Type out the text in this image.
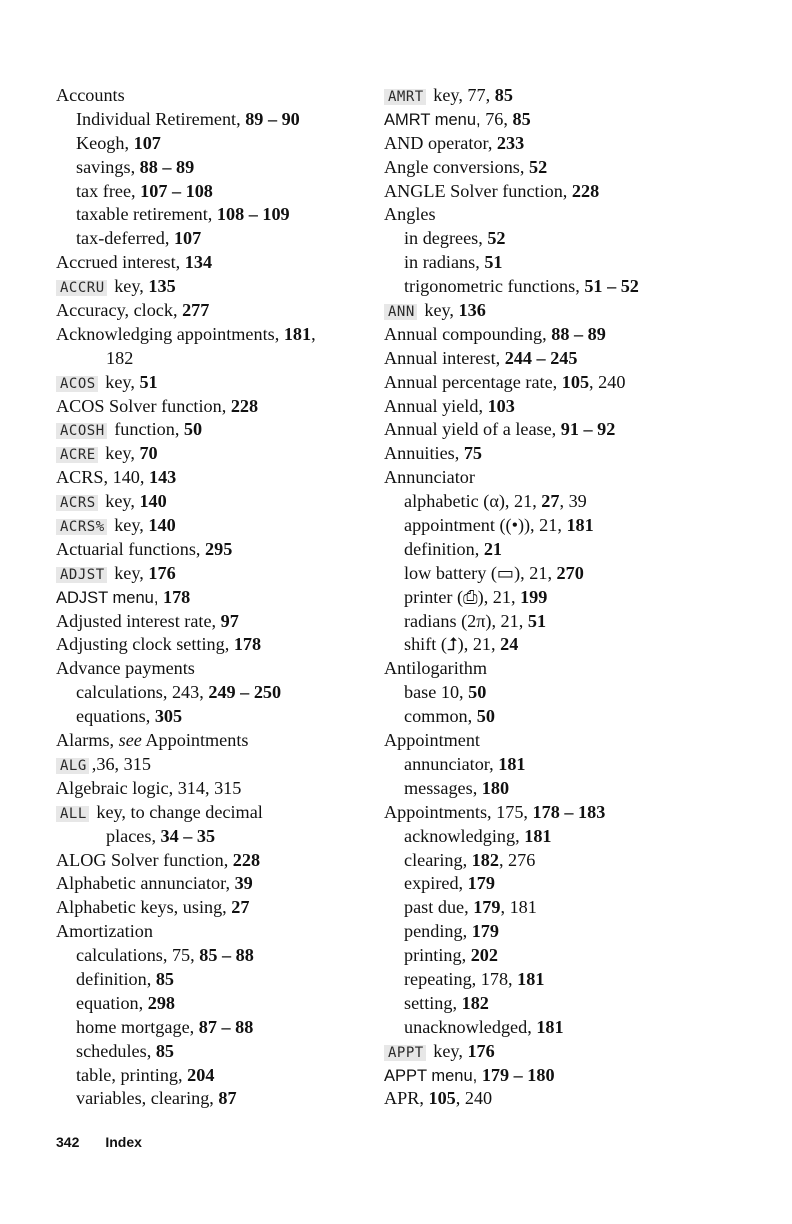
Accounts
Individual Retirement, 89 – 90
Keogh, 107
savings, 88 – 89
tax free, 107 – 108
taxable retirement, 108 – 109
tax-deferred, 107
Accrued interest, 134
ACCRU key, 135
Accuracy, clock, 277
Acknowledging appointments, 181,
182
ACOS key, 51
ACOS Solver function, 228
ACOSH function, 50
ACRE key, 70
ACRS, 140, 143
ACRS key, 140
ACRS% key, 140
Actuarial functions, 295
ADJST key, 176
ADJST menu, 178
Adjusted interest rate, 97
Adjusting clock setting, 178
Advance payments
calculations, 243, 249 – 250
equations, 305
Alarms, see Appointments
ALG ,36, 315
Algebraic logic, 314, 315
ALL key, to change decimal
places, 34 – 35
ALOG Solver function, 228
Alphabetic annunciator, 39
Alphabetic keys, using, 27
Amortization
calculations, 75, 85 – 88
definition, 85
equation, 298
home mortgage, 87 – 88
schedules, 85
table, printing, 204
variables, clearing, 87
AMRT key, 77, 85
AMRT menu, 76, 85
AND operator, 233
Angle conversions, 52
ANGLE Solver function, 228
Angles
in degrees, 52
in radians, 51
trigonometric functions, 51 – 52
ANN key, 136
Annual compounding, 88 – 89
Annual interest, 244 – 245
Annual percentage rate, 105, 240
Annual yield, 103
Annual yield of a lease, 91 – 92
Annuities, 75
Annunciator
alphabetic (α), 21, 27, 39
appointment ((•)), 21, 181
definition, 21
low battery (▭), 21, 270
printer (⎙), 21, 199
radians (2π), 21, 51
shift (⮥), 21, 24
Antilogarithm
base 10, 50
common, 50
Appointment
annunciator, 181
messages, 180
Appointments, 175, 178 – 183
acknowledging, 181
clearing, 182, 276
expired, 179
past due, 179, 181
pending, 179
printing, 202
repeating, 178, 181
setting, 182
unacknowledged, 181
APPT key, 176
APPT menu, 179 – 180
APR, 105, 240
342 Index
